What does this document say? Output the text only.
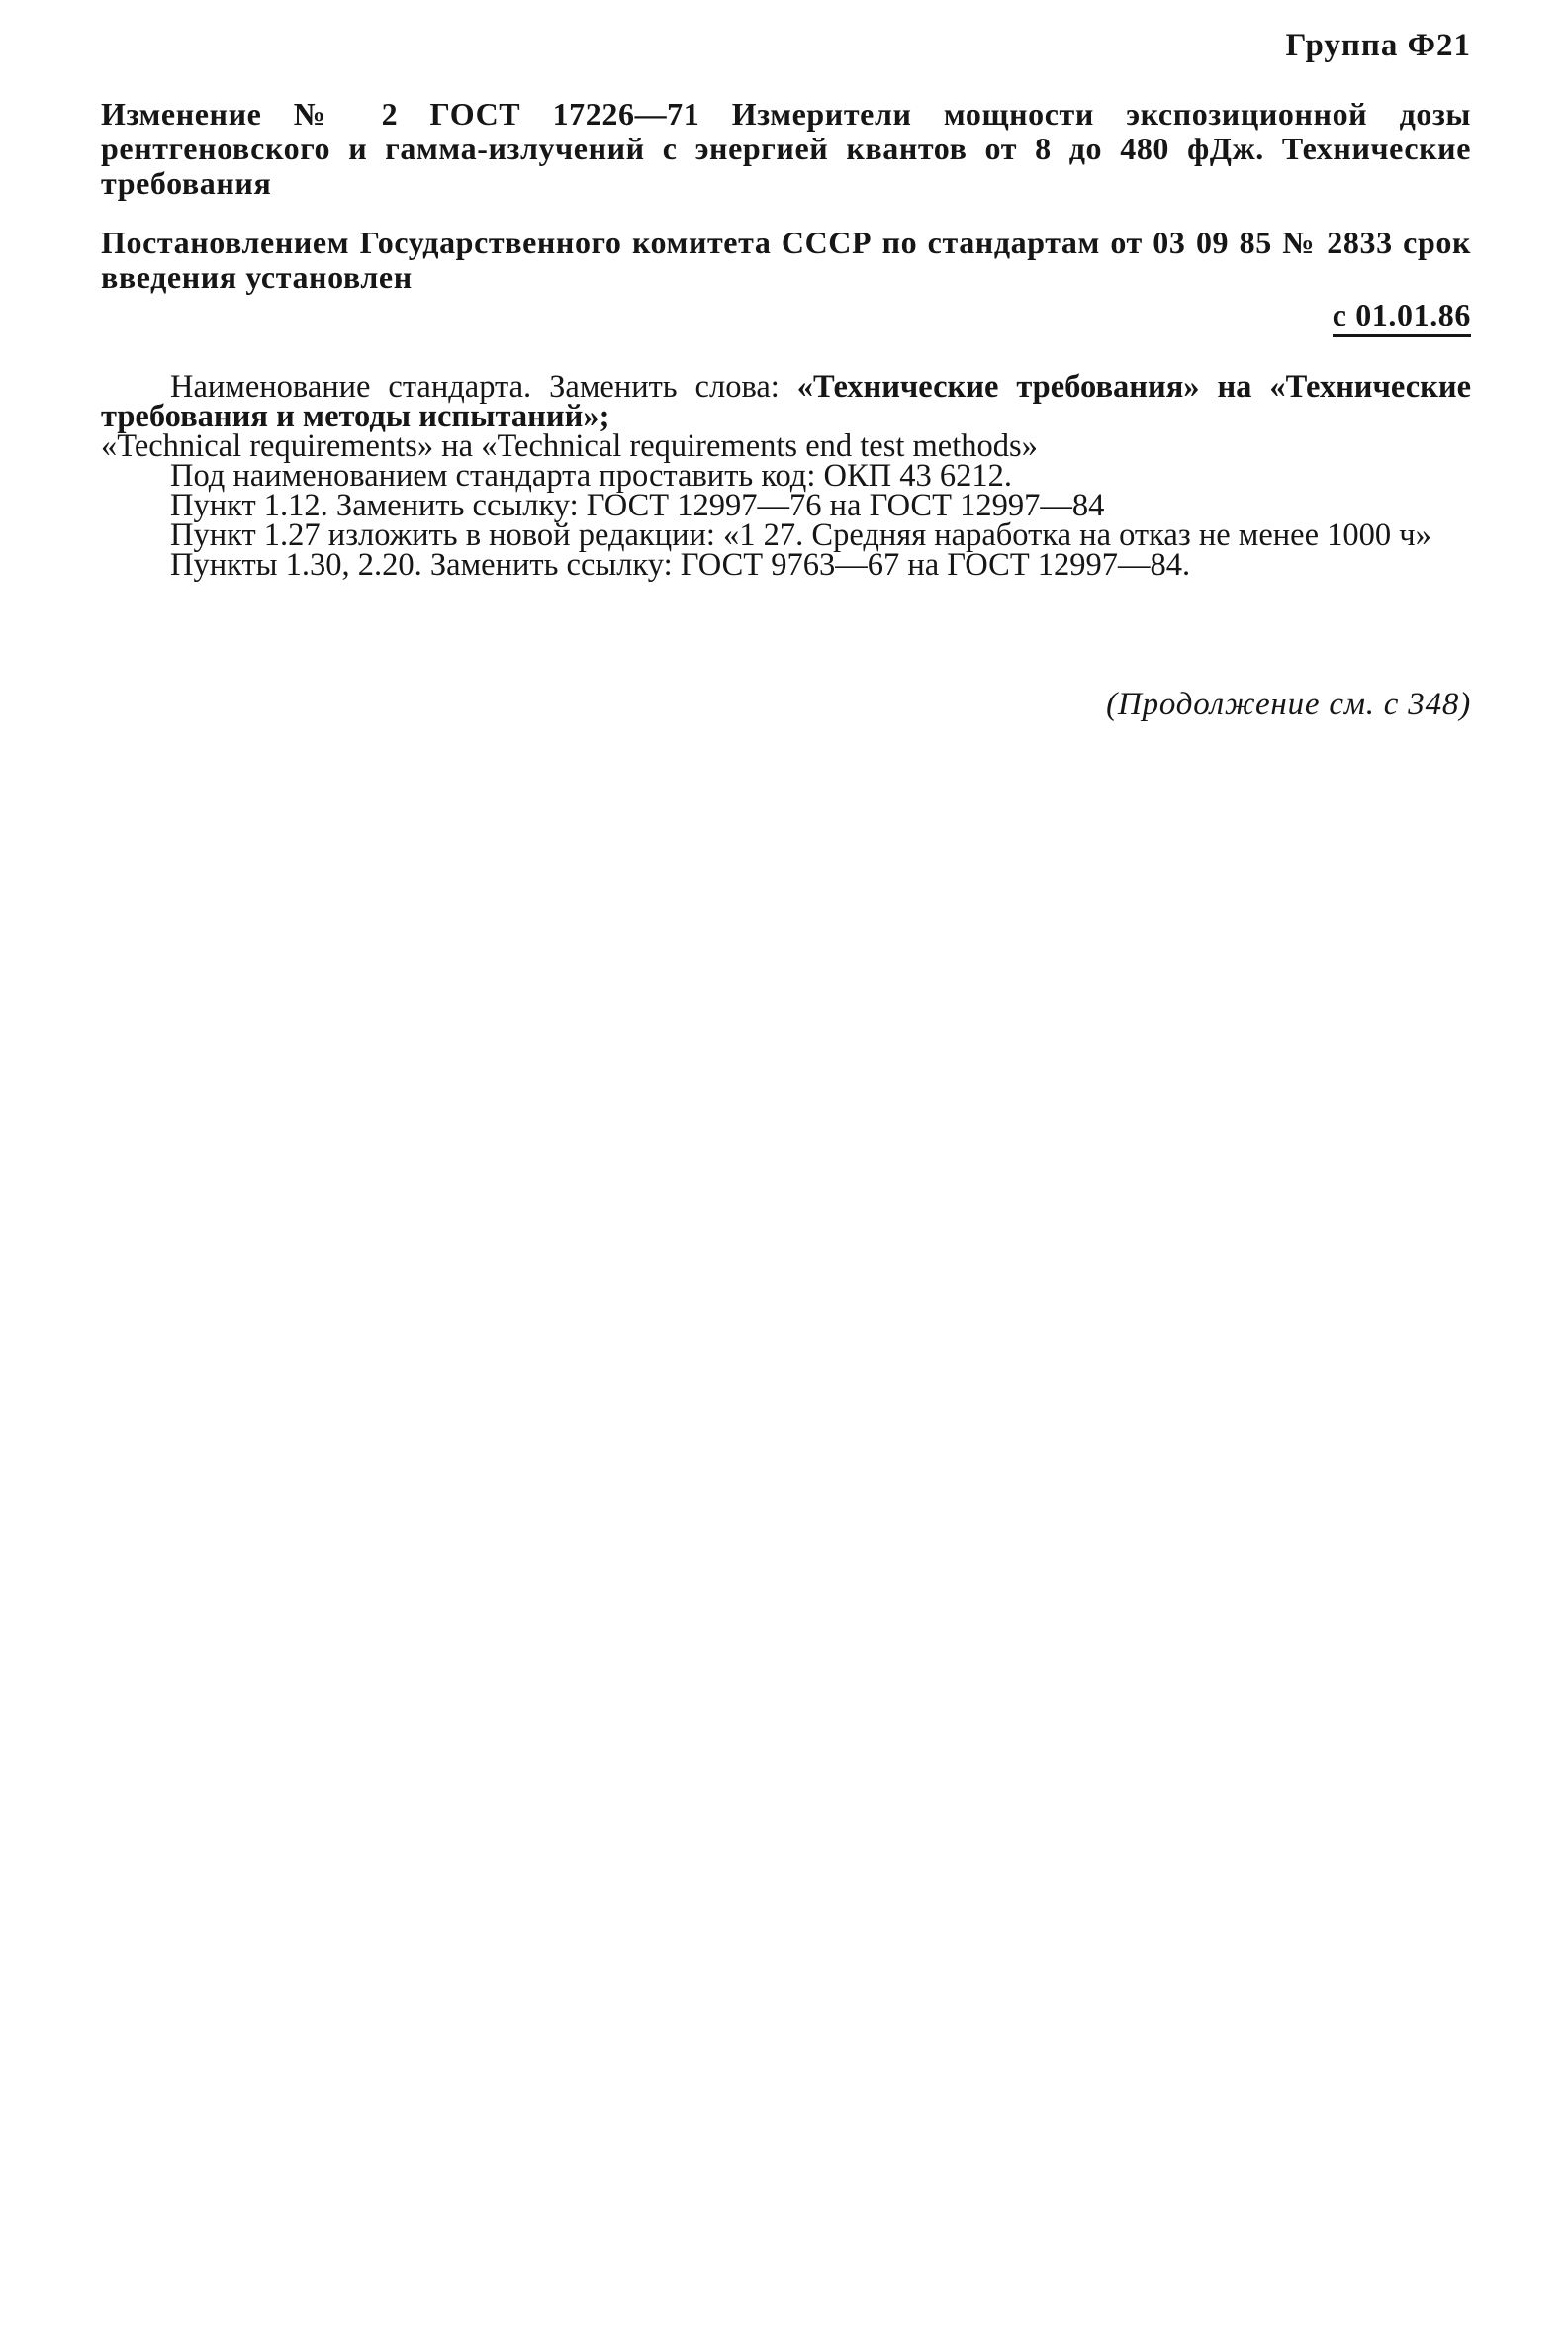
Группа Ф21
Изменение № 2 ГОСТ 17226—71 Измерители мощности экспозиционной дозы рентгеновского и гамма-излучений с энергией квантов от 8 до 480 фДж. Технические требования
Постановлением Государственного комитета СССР по стандартам от 03 09 85 № 2833 срок введения установлен
с 01.01.86

Наименование стандарта. Заменить слова: «Технические требования» на «Технические требования и методы испытаний»;

«Technical requirements» на «Technical requirements end test methods»

Под наименованием стандарта проставить код: ОКП 43 6212.

Пункт 1.12. Заменить ссылку: ГОСТ 12997—76 на ГОСТ 12997—84

Пункт 1.27 изложить в новой редакции: «1 27. Средняя наработка на отказ не менее 1000 ч»

Пункты 1.30, 2.20. Заменить ссылку: ГОСТ 9763—67 на ГОСТ 12997—84.

(Продолжение см. с 348)
